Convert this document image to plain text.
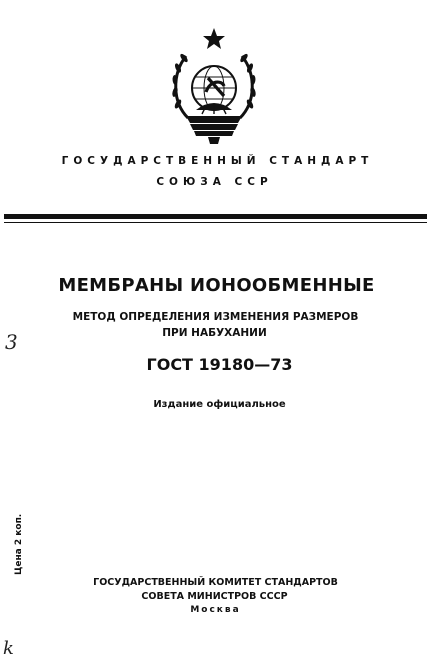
ГОСУДАРСТВЕННЫЙ СТАНДАРТ
СОЮЗА ССР
МЕМБРАНЫ ИОНООБМЕННЫЕ
МЕТОД ОПРЕДЕЛЕНИЯ ИЗМЕНЕНИЯ РАЗМЕРОВ
ПРИ НАБУХАНИИ
ГОСТ 19180—73
Издание официальное
3
Цена 2 коп.
ГОСУДАРСТВЕННЫЙ КОМИТЕТ СТАНДАРТОВ
СОВЕТА МИНИСТРОВ СССР
Москва
k
